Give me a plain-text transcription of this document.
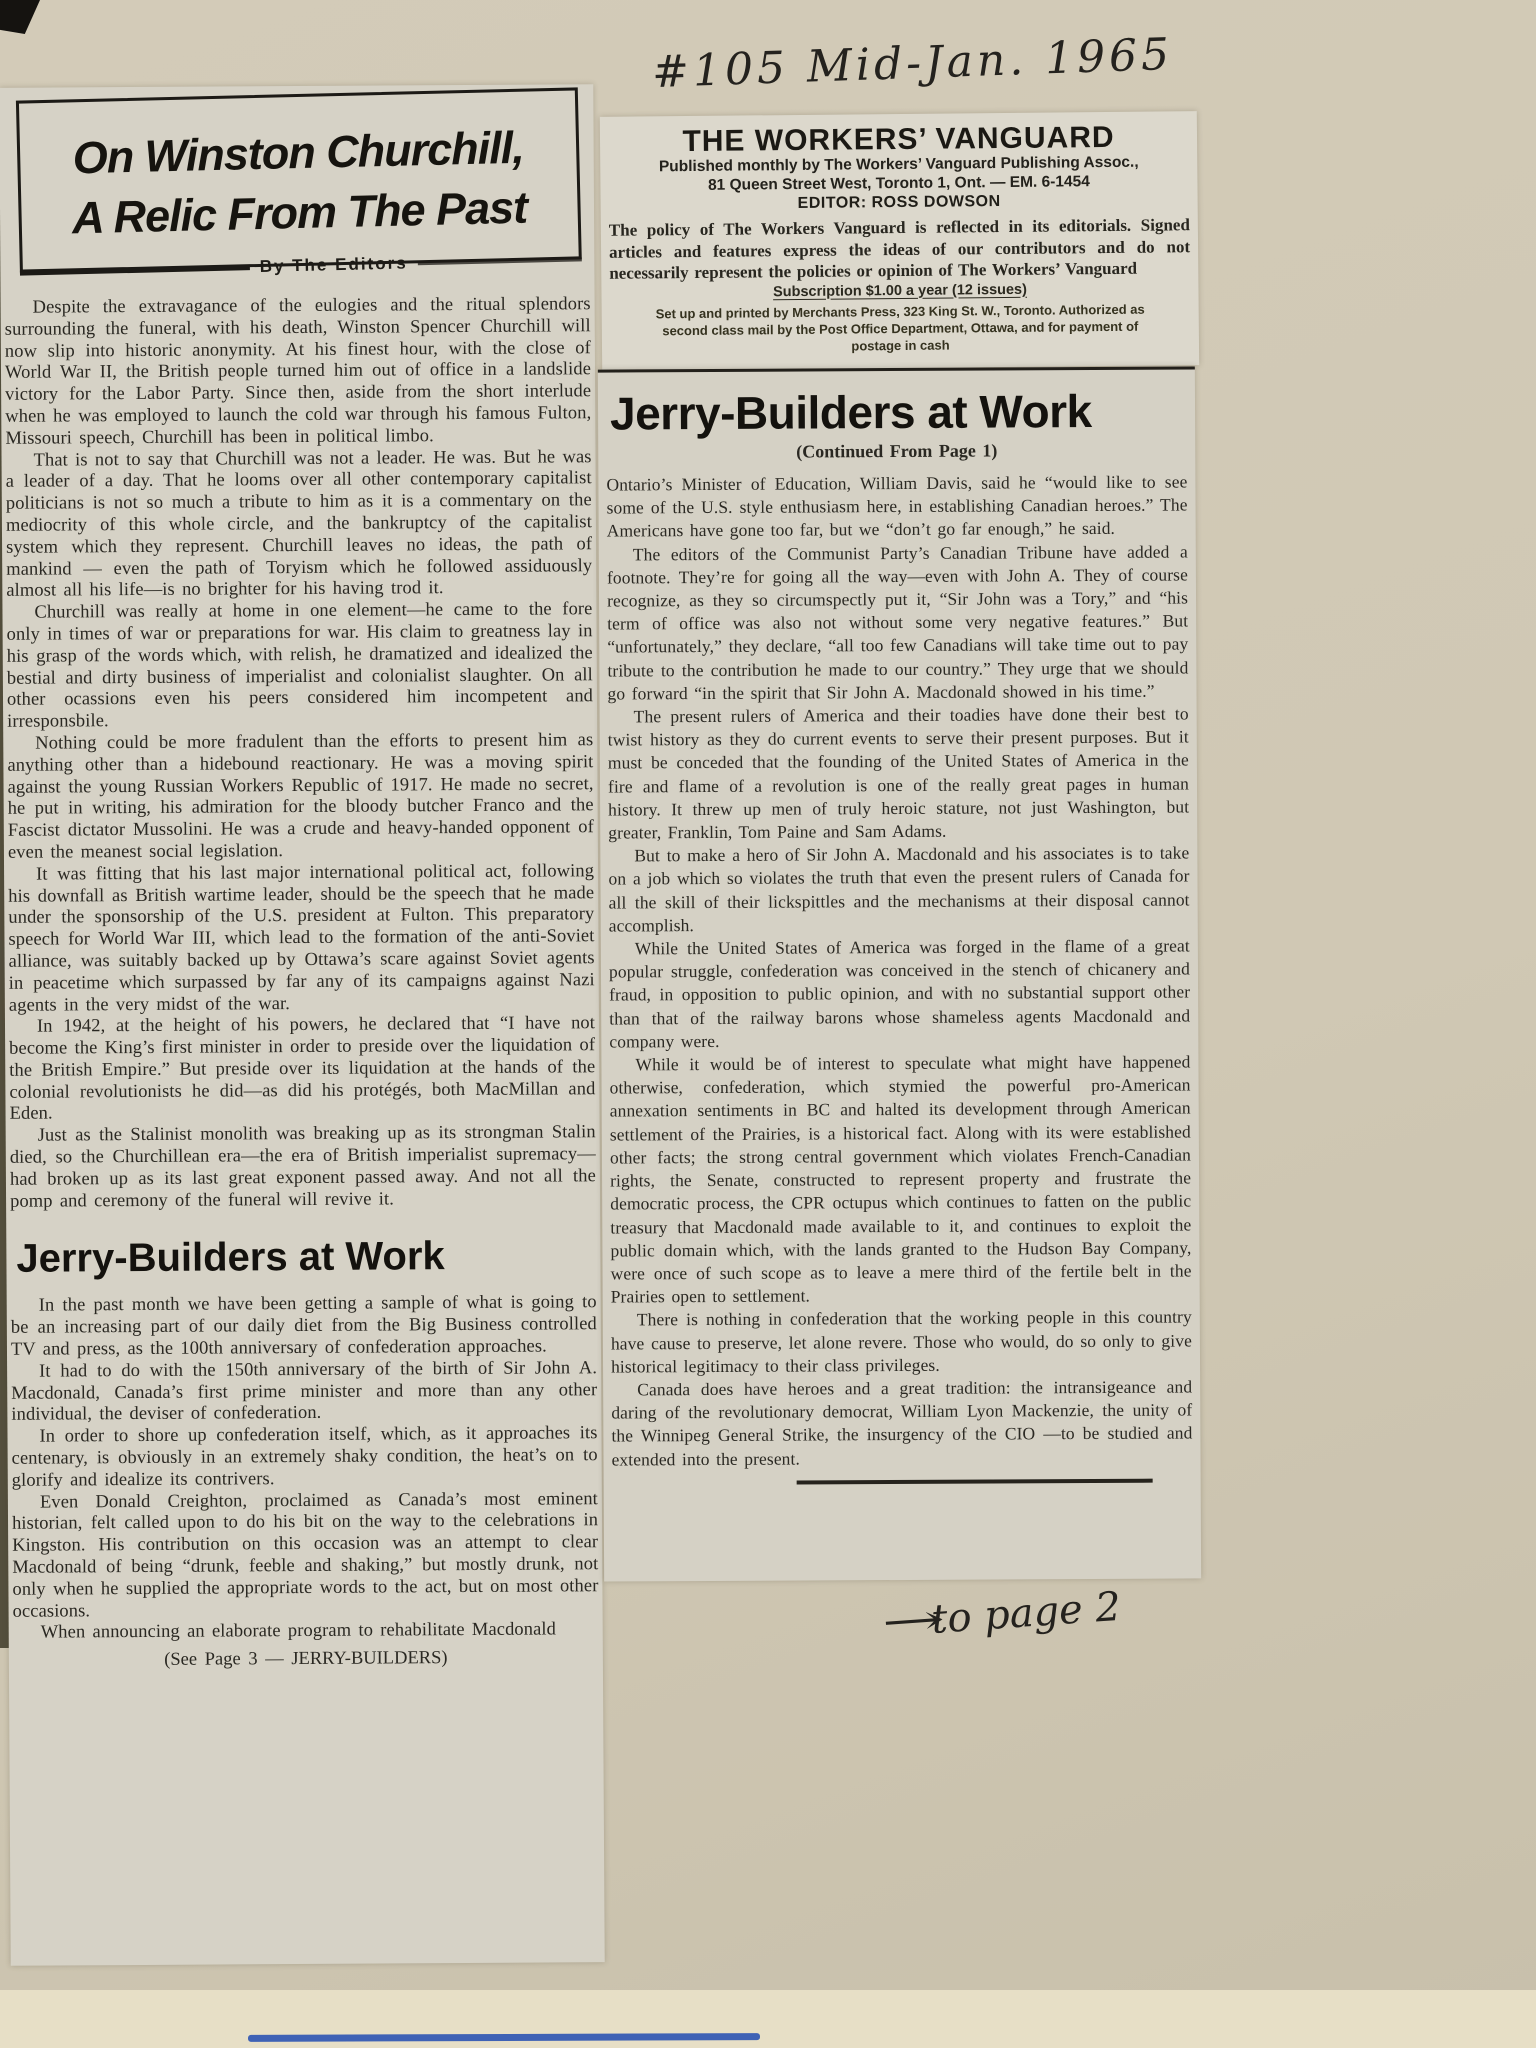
#105 Mid-Jan. 1965
On Winston Churchill,
A Relic From The Past
By The Editors

Despite the extravagance of the eulogies and the ritual splendors surrounding the funeral, with his death, Winston Spencer Churchill will now slip into historic anonymity. At his finest hour, with the close of World War II, the British people turned him out of office in a landslide victory for the Labor Party. Since then, aside from the short interlude when he was employed to launch the cold war through his famous Fulton, Missouri speech, Churchill has been in political limbo.

That is not to say that Churchill was not a leader. He was. But he was a leader of a day. That he looms over all other contemporary capitalist politicians is not so much a tribute to him as it is a commentary on the mediocrity of this whole circle, and the bankruptcy of the capitalist system which they represent. Churchill leaves no ideas, the path of mankind — even the path of Toryism which he followed assiduously almost all his life—is no brighter for his having trod it.

Churchill was really at home in one element—he came to the fore only in times of war or preparations for war. His claim to greatness lay in his grasp of the words which, with relish, he dramatized and idealized the bestial and dirty business of imperialist and colonialist slaughter. On all other ocassions even his peers considered him incompetent and irresponsbile.

Nothing could be more fradulent than the efforts to present him as anything other than a hidebound reactionary. He was a moving spirit against the young Russian Workers Republic of 1917. He made no secret, he put in writing, his admiration for the bloody butcher Franco and the Fascist dictator Mussolini. He was a crude and heavy-handed opponent of even the meanest social legislation.

It was fitting that his last major international political act, following his downfall as British wartime leader, should be the speech that he made under the sponsorship of the U.S. president at Fulton. This preparatory speech for World War III, which lead to the formation of the anti-Soviet alliance, was suitably backed up by Ottawa’s scare against Soviet agents in peacetime which surpassed by far any of its campaigns against Nazi agents in the very midst of the war.

In 1942, at the height of his powers, he declared that “I have not become the King’s first minister in order to preside over the liquidation of the British Empire.” But preside over its liquidation at the hands of the colonial revolutionists he did—as did his protégés, both MacMillan and Eden.

Just as the Stalinist monolith was breaking up as its strongman Stalin died, so the Churchillean era—the era of British imperialist supremacy—had broken up as its last great exponent passed away. And not all the pomp and ceremony of the funeral will revive it.

Jerry-Builders at Work

In the past month we have been getting a sample of what is going to be an increasing part of our daily diet from the Big Business controlled TV and press, as the 100th anniversary of confederation approaches.

It had to do with the 150th anniversary of the birth of Sir John A. Macdonald, Canada’s first prime minister and more than any other individual, the deviser of confederation.

In order to shore up confederation itself, which, as it approaches its centenary, is obviously in an extremely shaky condition, the heat’s on to glorify and idealize its contrivers.

Even Donald Creighton, proclaimed as Canada’s most eminent historian, felt called upon to do his bit on the way to the celebrations in Kingston. His contribution on this occasion was an attempt to clear Macdonald of being “drunk, feeble and shaking,” but mostly drunk, not only when he supplied the appropriate words to the act, but on most other occasions.

When announcing an elaborate program to rehabilitate Macdonald

(See Page 3 — JERRY-BUILDERS)
THE WORKERS’ VANGUARD
Published monthly by The Workers’ Vanguard Publishing Assoc.,
81 Queen Street West, Toronto 1, Ont. — EM. 6-1454
EDITOR: ROSS DOWSON
The policy of The Workers Vanguard is reflected in its editorials. Signed articles and features express the ideas of our contributors and do not necessarily represent the policies or opinion of The Workers’ Vanguard
Subscription $1.00 a year (12 issues)
Set up and printed by Merchants Press, 323 King St. W., Toronto. Authorized as second class mail by the Post Office Department, Ottawa, and for payment of postage in cash
Jerry-Builders at Work
(Continued From Page 1)

Ontario’s Minister of Education, William Davis, said he “would like to see some of the U.S. style enthusiasm here, in establishing Canadian heroes.” The Americans have gone too far, but we “don’t go far enough,” he said.

The editors of the Communist Party’s Canadian Tribune have added a footnote. They’re for going all the way—even with John A. They of course recognize, as they so circumspectly put it, “Sir John was a Tory,” and “his term of office was also not without some very negative features.” But “unfortunately,” they declare, “all too few Canadians will take time out to pay tribute to the contribution he made to our country.” They urge that we should go forward “in the spirit that Sir John A. Macdonald showed in his time.”

The present rulers of America and their toadies have done their best to twist history as they do current events to serve their present purposes. But it must be conceded that the founding of the United States of America in the fire and flame of a revolution is one of the really great pages in human history. It threw up men of truly heroic stature, not just Washington, but greater, Franklin, Tom Paine and Sam Adams.

But to make a hero of Sir John A. Macdonald and his associates is to take on a job which so violates the truth that even the present rulers of Canada for all the skill of their lickspittles and the mechanisms at their disposal cannot accomplish.

While the United States of America was forged in the flame of a great popular struggle, confederation was conceived in the stench of chicanery and fraud, in opposition to public opinion, and with no substantial support other than that of the railway barons whose shameless agents Macdonald and company were.

While it would be of interest to speculate what might have happened otherwise, confederation, which stymied the powerful pro-American annexation sentiments in BC and halted its development through American settlement of the Prairies, is a historical fact. Along with its were established other facts; the strong central government which violates French-Canadian rights, the Senate, constructed to represent property and frustrate the democratic process, the CPR octupus which continues to fatten on the public treasury that Macdonald made available to it, and continues to exploit the public domain which, with the lands granted to the Hudson Bay Company, were once of such scope as to leave a mere third of the fertile belt in the Prairies open to settlement.

There is nothing in confederation that the working people in this country have cause to preserve, let alone revere. Those who would, do so only to give historical legitimacy to their class privileges.

Canada does have heroes and a great tradition: the intransigeance and daring of the revolutionary democrat, William Lyon Mackenzie, the unity of the Winnipeg General Strike, the insurgency of the CIO —to be studied and extended into the present.

→ to page 2
